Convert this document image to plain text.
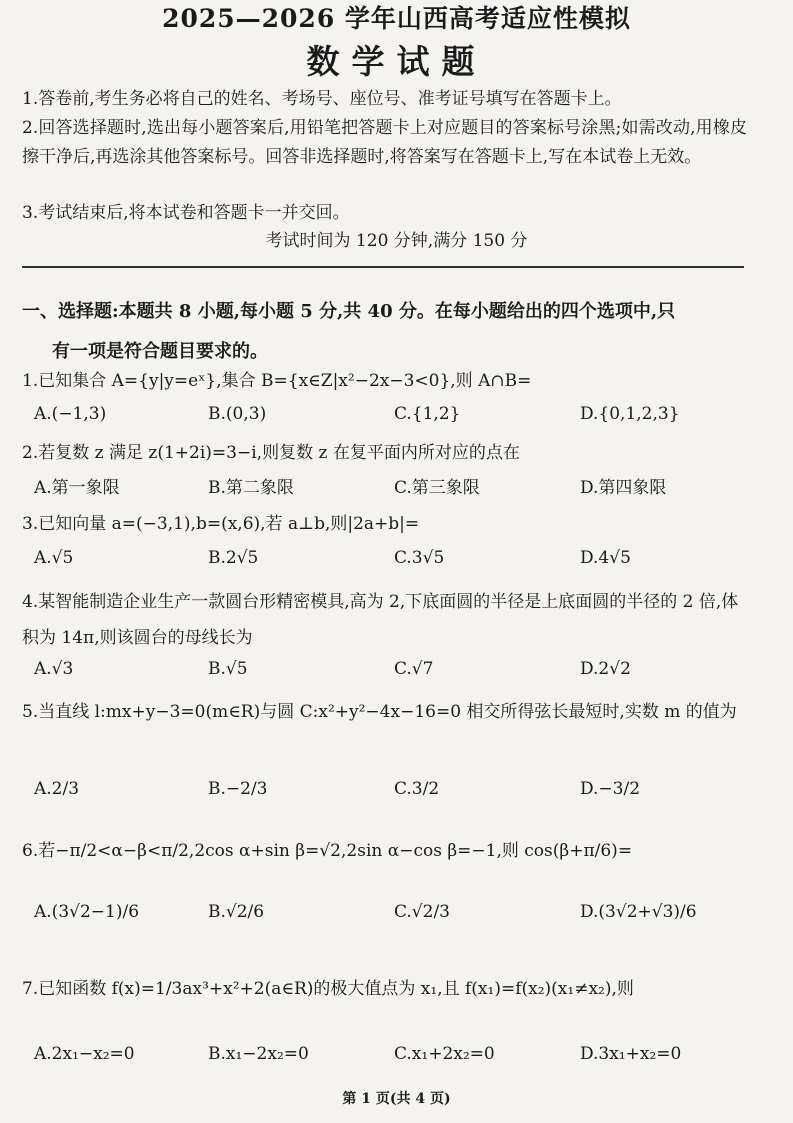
2025—2026 学年山西高考适应性模拟
数学试题

1.答卷前,考生务必将自己的姓名、考场号、座位号、准考证号填写在答题卡上。

2.回答选择题时,选出每小题答案后,用铅笔把答题卡上对应题目的答案标号涂黑;如需改动,用橡皮擦干净后,再选涂其他答案标号。回答非选择题时,将答案写在答题卡上,写在本试卷上无效。

3.考试结束后,将本试卷和答题卡一并交回。

考试时间为 120 分钟,满分 150 分
一、选择题:本题共 8 小题,每小题 5 分,共 40 分。在每小题给出的四个选项中,只
有一项是符合题目要求的。
1.已知集合 A={y|y=eˣ},集合 B={x∈Z|x²−2x−3<0},则 A∩B=
A.(−1,3)	B.(0,3)	C.{1,2}	D.{0,1,2,3}
2.若复数 z 满足 z(1+2i)=3−i,则复数 z 在复平面内所对应的点在
A.第一象限	B.第二象限	C.第三象限	D.第四象限
3.已知向量 a=(−3,1),b=(x,6),若 a⊥b,则|2a+b|=
A.√5	B.2√5	C.3√5	D.4√5
4.某智能制造企业生产一款圆台形精密模具,高为 2,下底面圆的半径是上底面圆的半径的 2 倍,体积为 14π,则该圆台的母线长为
A.√3	B.√5	C.√7	D.2√2
5.当直线 l:mx+y−3=0(m∈R)与圆 C:x²+y²−4x−16=0 相交所得弦长最短时,实数 m 的值为
A.2/3	B.−2/3	C.3/2	D.−3/2
6.若−π/2<α−β<π/2,2cos α+sin β=√2,2sin α−cos β=−1,则 cos(β+π/6)=
A.(3√2−1)/6	B.√2/6	C.√2/3	D.(3√2+√3)/6
7.已知函数 f(x)=1/3ax³+x²+2(a∈R)的极大值点为 x₁,且 f(x₁)=f(x₂)(x₁≠x₂),则
A.2x₁−x₂=0	B.x₁−2x₂=0	C.x₁+2x₂=0	D.3x₁+x₂=0
第 1 页(共 4 页)
